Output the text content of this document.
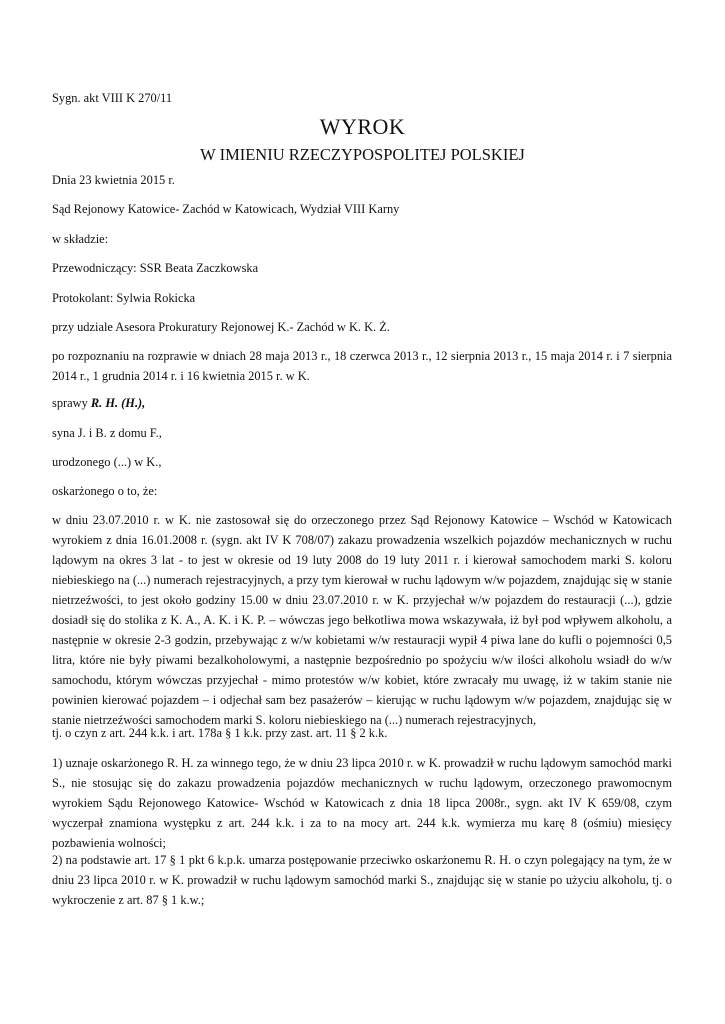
Sygn. akt VIII K 270/11

WYROK
W IMIENIU RZECZYPOSPOLITEJ POLSKIEJ

Dnia 23 kwietnia 2015 r.

Sąd Rejonowy Katowice- Zachód w Katowicach, Wydział VIII Karny

w składzie:

Przewodniczący: SSR Beata Zaczkowska

Protokolant: Sylwia Rokicka

przy udziale Asesora Prokuratury Rejonowej K.- Zachód w K. K. Ż.

po rozpoznaniu na rozprawie w dniach 28 maja 2013 r., 18 czerwca 2013 r., 12 sierpnia 2013 r., 15 maja 2014 r. i 7 sierpnia 2014 r., 1 grudnia 2014 r. i 16 kwietnia 2015 r. w K.

sprawy R. H. (H.),

syna J. i B. z domu F.,

urodzonego (...) w K.,

oskarżonego o to, że:

w dniu 23.07.2010 r. w K. nie zastosował się do orzeczonego przez Sąd Rejonowy Katowice – Wschód w Katowicach wyrokiem z dnia 16.01.2008 r. (sygn. akt IV K 708/07) zakazu prowadzenia wszelkich pojazdów mechanicznych w ruchu lądowym na okres 3 lat - to jest w okresie od 19 luty 2008 do 19 luty 2011 r. i kierował samochodem marki S. koloru niebieskiego na (...) numerach rejestracyjnych, a przy tym kierował w ruchu lądowym w/w pojazdem, znajdując się w stanie nietrzeźwości, to jest około godziny 15.00 w dniu 23.07.2010 r. w K. przyjechał w/w pojazdem do restauracji (...), gdzie dosiadł się do stolika z K. A., A. K. i K. P. – wówczas jego bełkotliwa mowa wskazywała, iż był pod wpływem alkoholu, a następnie w okresie 2-3 godzin, przebywając z w/w kobietami w/w restauracji wypił 4 piwa lane do kufli o pojemności 0,5 litra, które nie były piwami bezalkoholowymi, a następnie bezpośrednio po spożyciu w/w ilości alkoholu wsiadł do w/w samochodu, którym wówczas przyjechał - mimo protestów w/w kobiet, które zwracały mu uwagę, iż w takim stanie nie powinien kierować pojazdem – i odjechał sam bez pasażerów – kierując w ruchu lądowym w/w pojazdem, znajdując się w stanie nietrzeźwości samochodem marki S. koloru niebieskiego na (...) numerach rejestracyjnych,

tj. o czyn z art. 244 k.k. i art. 178a § 1 k.k. przy zast. art. 11 § 2 k.k.

1) uznaje oskarżonego R. H. za winnego tego, że w dniu 23 lipca 2010 r. w K. prowadził w ruchu lądowym samochód marki S., nie stosując się do zakazu prowadzenia pojazdów mechanicznych w ruchu lądowym, orzeczonego prawomocnym wyrokiem Sądu Rejonowego Katowice- Wschód w Katowicach z dnia 18 lipca 2008r., sygn. akt IV K 659/08, czym wyczerpał znamiona występku z art. 244 k.k. i za to na mocy art. 244 k.k. wymierza mu karę 8 (ośmiu) miesięcy pozbawienia wolności;

2) na podstawie art. 17 § 1 pkt 6 k.p.k. umarza postępowanie przeciwko oskarżonemu R. H. o czyn polegający na tym, że w dniu 23 lipca 2010 r. w K. prowadził w ruchu lądowym samochód marki S., znajdując się w stanie po użyciu alkoholu, tj. o wykroczenie z art. 87 § 1 k.w.;
